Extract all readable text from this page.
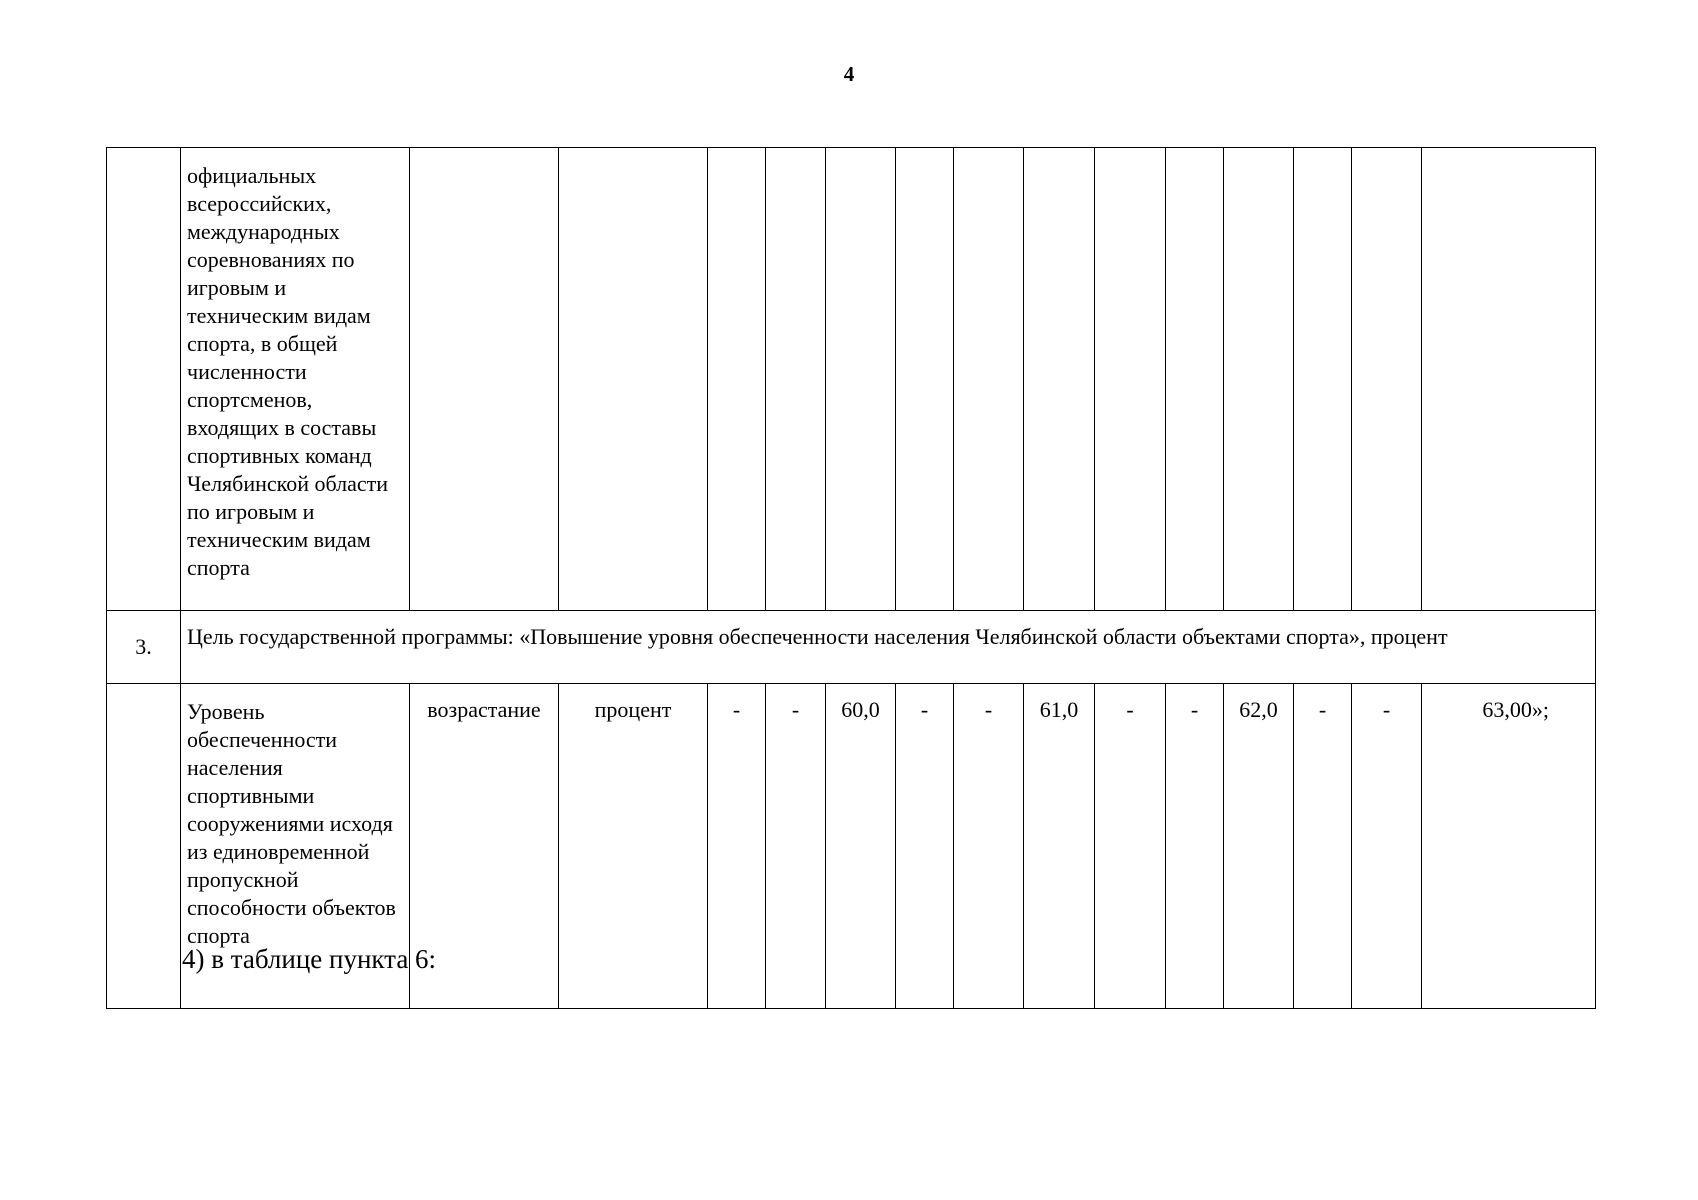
4
	официальных всероссийских, международных соревнованиях по игровым и техническим видам спорта, в общей численности спортсменов, входящих в составы спортивных команд Челябинской области по игровым и техническим видам спорта														
3.	Цель государственной программы: «Повышение уровня обеспеченности населения Челябинской области объектами спорта», процент														
	Уровень обеспеченности населения спортивными сооружениями исходя из единовременной пропускной способности объектов спорта	возрастание	процент	-	-	60,0	-	-	61,0	-	-	62,0	-	-	63,00»;
4) в таблице пункта 6:
